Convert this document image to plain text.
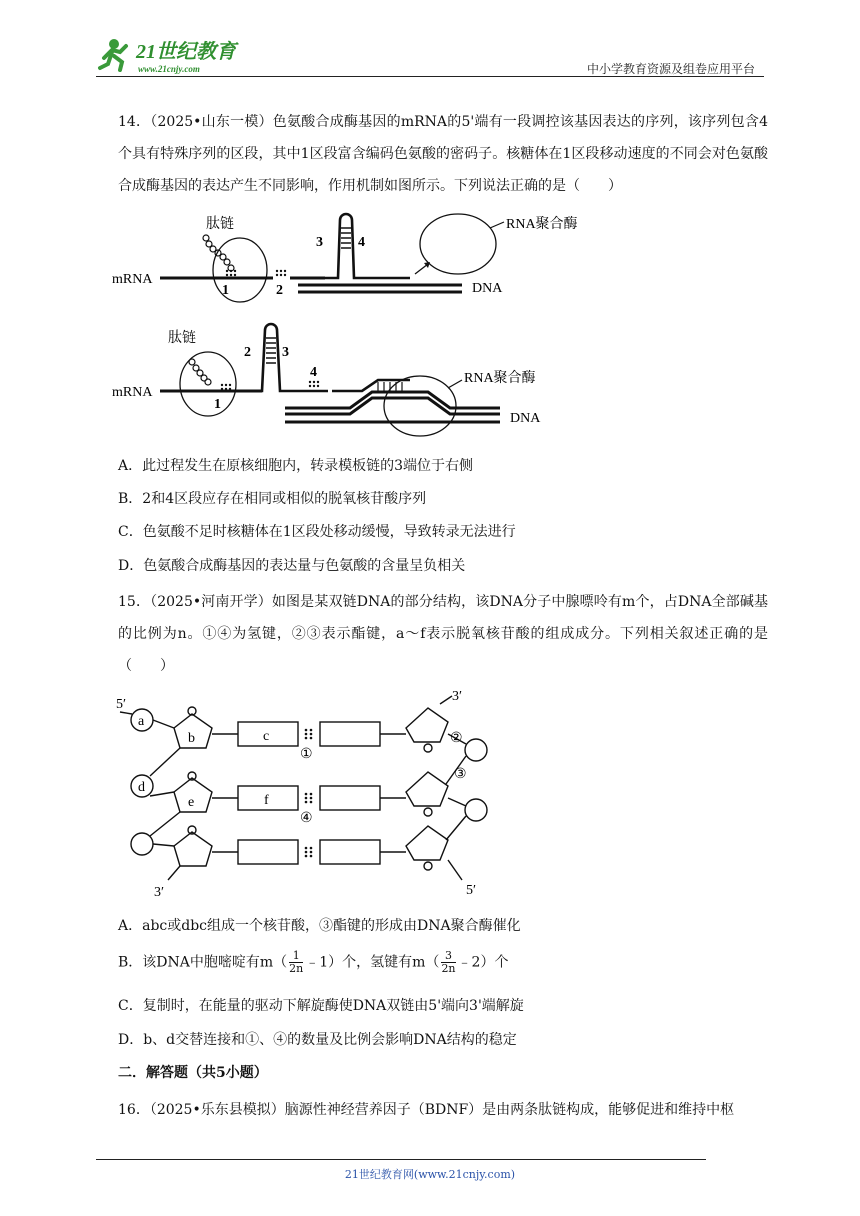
21世纪教育
www.21cnjy.com	中小学教育资源及组卷应用平台
14．（2025•山东一模）色氨酸合成酶基因的mRNA的5'端有一段调控该基因表达的序列，该序列包含4个具有特殊序列的区段，其中1区段富含编码色氨酸的密码子。核糖体在1区段移动速度的不同会对色氨酸合成酶基因的表达产生不同影响，作用机制如图所示。下列说法正确的是（　　）
肽链
mRNA
1	2
3	4
DNA
RNA聚合酶
肽链
mRNA
1
2 3
4	RNA聚合酶
DNA
A．此过程发生在原核细胞内，转录模板链的3端位于右侧
B．2和4区段应存在相同或相似的脱氧核苷酸序列
C．色氨酸不足时核糖体在1区段处移动缓慢，导致转录无法进行
D．色氨酸合成酶基因的表达量与色氨酸的含量呈负相关
15．（2025•河南开学）如图是某双链DNA的部分结构，该DNA分子中腺嘌呤有m个，占DNA全部碱基的比例为n。①④为氢键，②③表示酯键，a～f表示脱氧核苷酸的组成成分。下列相关叙述正确的是（　　）
5′
a
b	c
d
e	f
①
④
②
③
3′
3′	5′
A．abc或dbc组成一个核苷酸，③酯键的形成由DNA聚合酶催化
B．该DNA中胞嘧啶有$m( \frac{1}{2n}$ ﹣1）个，氢键有$m( \frac{3}{2n}$ ﹣2）个
C．复制时，在能量的驱动下解旋酶使DNA双链由5'端向3'端解旋
D．b、d交替连接和①、④的数量及比例会影响DNA结构的稳定
二．解答题（共5小题）
16．（2025•乐东县模拟）脑源性神经营养因子（BDNF）是由两条肽链构成，能够促进和维持中枢
21世纪教育网(www.21cnjy.com)
